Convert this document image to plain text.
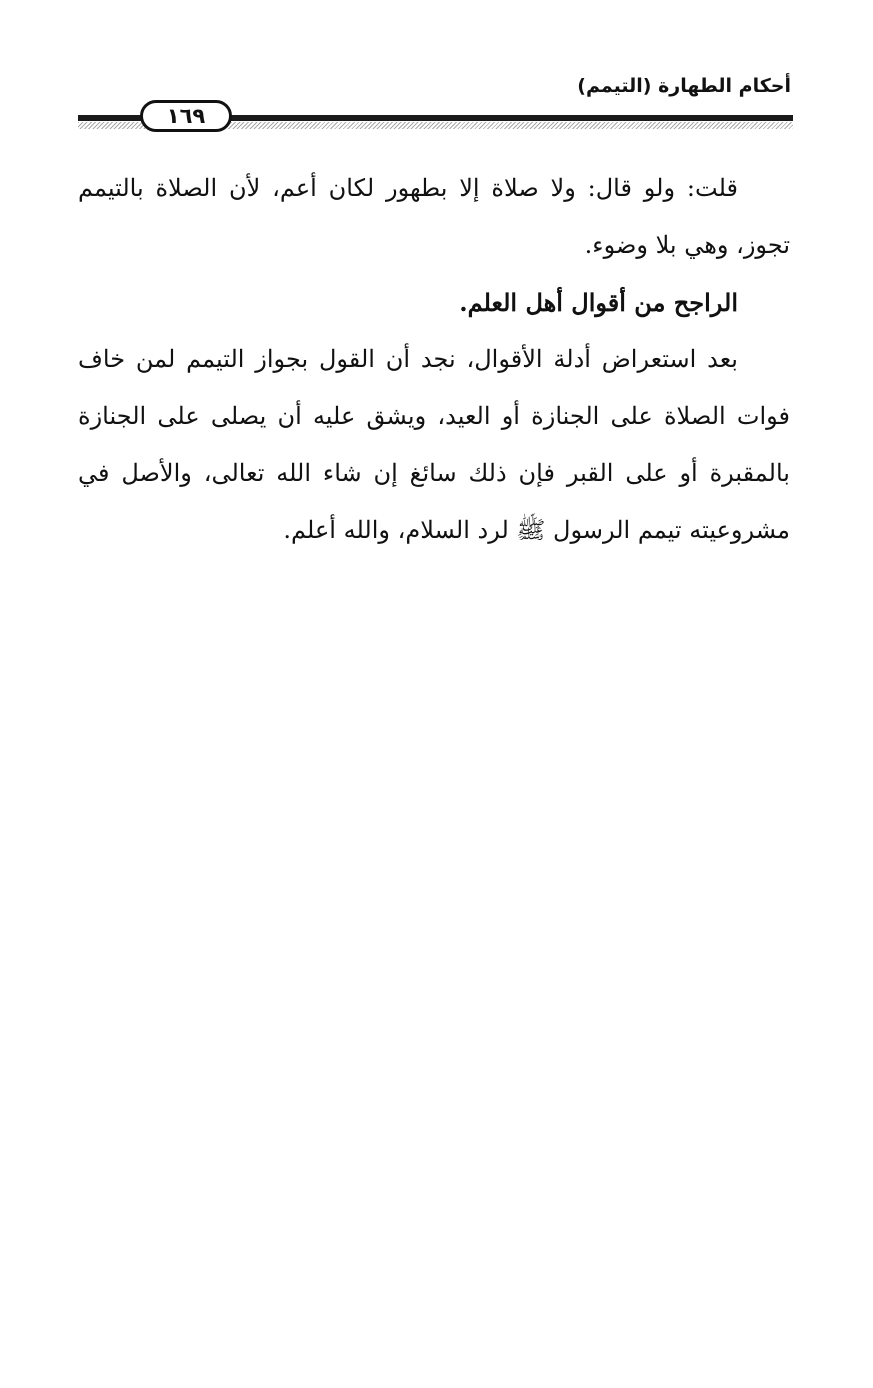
أحكام الطهارة (التيمم)
١٦٩

قلت: ولو قال: ولا صلاة إلا بطهور لكان أعم، لأن الصلاة بالتيمم تجوز، وهي بلا وضوء.

الراجح من أقوال أهل العلم.

بعد استعراض أدلة الأقوال، نجد أن القول بجواز التيمم لمن خاف فوات الصلاة على الجنازة أو العيد، ويشق عليه أن يصلى على الجنازة بالمقبرة أو على القبر فإن ذلك سائغ إن شاء الله تعالى، والأصل في مشروعيته تيمم الرسول ﷺ لرد السلام، والله أعلم.
